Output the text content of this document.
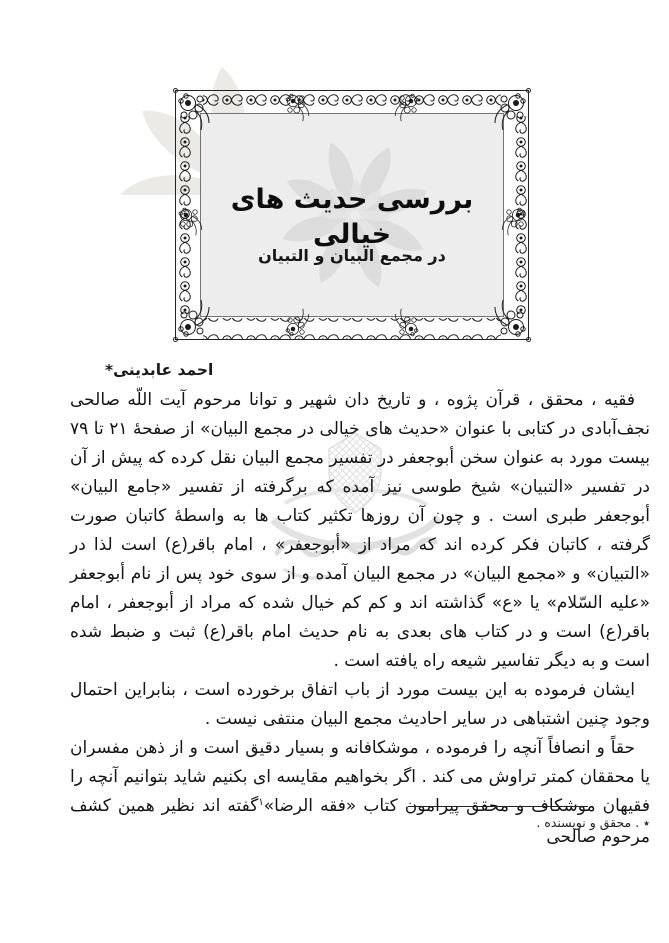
بررسی حدیث های خیالی
در مجمع البیان و التبیان
احمد عابدینی*

فقیه ، محقق ، قرآن پژوه ، و تاریخ دان شهیر و توانا مرحوم آیت اللّه صالحی نجف‌آبادی در کتابی با عنوان «حدیث های خیالی در مجمع البیان» از صفحهٔ ۲۱ تا ۷۹ بیست مورد به عنوان سخن أبوجعفر در تفسیر مجمع البیان نقل کرده که پیش از آن در تفسیر «التبیان» شیخ طوسی نیز آمده که برگرفته از تفسیر «جامع البیان» أبوجعفر طبری است . و چون آن روزها تکثیر کتاب ها به واسطهٔ کاتبان صورت گرفته ، کاتبان فکر کرده اند که مراد از «أبوجعفر» ، امام باقر(ع) است لذا در «التبیان» و «مجمع البیان» در مجمع البیان آمده و از سوی خود پس از نام أبوجعفر «علیه السّلام» یا «ع» گذاشته اند و کم کم خیال شده که مراد از أبوجعفر ، امام باقر(ع) است و در کتاب های بعدی به نام حدیث امام باقر(ع) ثبت و ضبط شده است و به دیگر تفاسیر شیعه راه یافته است .

ایشان فرموده به این بیست مورد از باب اتفاق برخورده است ، بنابراین احتمال وجود چنین اشتباهی در سایر احادیث مجمع البیان منتفی نیست .

حقاً و انصافاً آنچه را فرموده ، موشکافانه و بسیار دقیق است و از ذهن مفسران یا محققان کمتر تراوش می کند . اگر بخواهیم مقایسه ای بکنیم شاید بتوانیم آنچه را فقیهان موشکاف و محقق پیرامون کتاب «فقه الرضا»$^۱$گفته اند نظیر همین کشف مرحوم صالحی

٭ . محقق و نویسنده .
